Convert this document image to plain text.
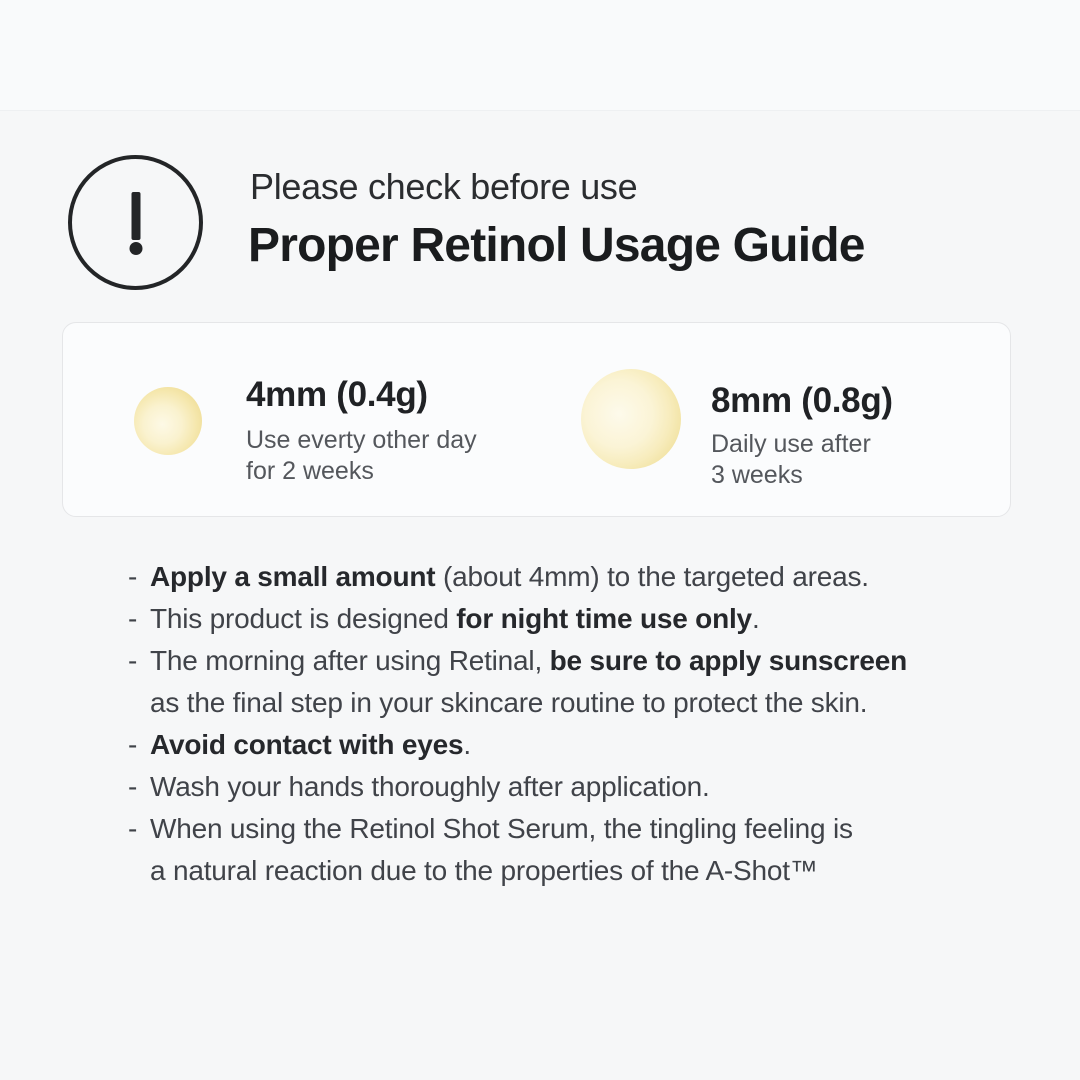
Please check before use
Proper Retinol Usage Guide
4mm (0.4g)
Use everty other day
for 2 weeks
8mm (0.8g)
Daily use after
3 weeks
- Apply a small amount (about 4mm) to the targeted areas.
- This product is designed for night time use only.
- The morning after using Retinal, be sure to apply sunscreen
as the final step in your skincare routine to protect the skin.
- Avoid contact with eyes.
- Wash your hands thoroughly after application.
- When using the Retinol Shot Serum, the tingling feeling is
a natural reaction due to the properties of the A-Shot™
